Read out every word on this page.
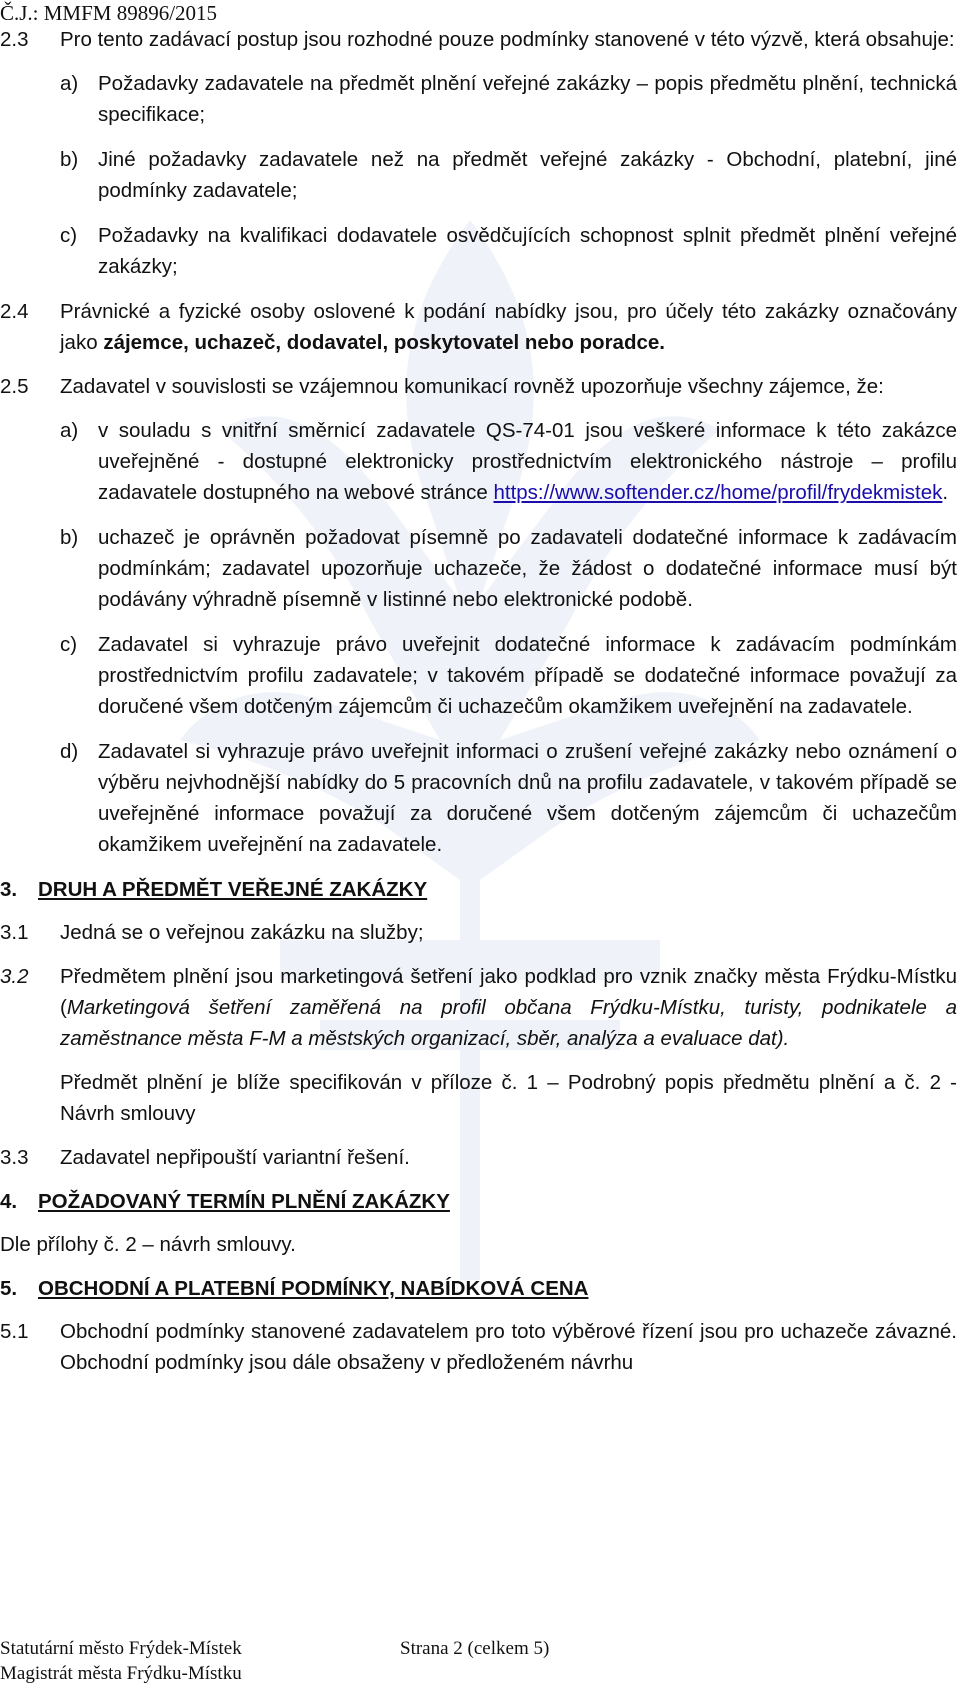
Č.J.: MMFM 89896/2015
2.3 Pro tento zadávací postup jsou rozhodné pouze podmínky stanovené v této výzvě, která obsahuje:
a) Požadavky zadavatele na předmět plnění veřejné zakázky – popis předmětu plnění, technická specifikace;
b) Jiné požadavky zadavatele než na předmět veřejné zakázky - Obchodní, platební, jiné podmínky zadavatele;
c) Požadavky na kvalifikaci dodavatele osvědčujících schopnost splnit předmět plnění veřejné zakázky;
2.4 Právnické a fyzické osoby oslovené k podání nabídky jsou, pro účely této zakázky označovány jako zájemce, uchazeč, dodavatel, poskytovatel nebo poradce.
2.5 Zadavatel v souvislosti se vzájemnou komunikací rovněž upozorňuje všechny zájemce, že:
a) v souladu s vnitřní směrnicí zadavatele QS-74-01 jsou veškeré informace k této zakázce uveřejněné - dostupné elektronicky prostřednictvím elektronického nástroje – profilu zadavatele dostupného na webové stránce https://www.softender.cz/home/profil/frydekmistek.
b) uchazeč je oprávněn požadovat písemně po zadavateli dodatečné informace k zadávacím podmínkám; zadavatel upozorňuje uchazeče, že žádost o dodatečné informace musí být podávány výhradně písemně v listinné nebo elektronické podobě.
c) Zadavatel si vyhrazuje právo uveřejnit dodatečné informace k zadávacím podmínkám prostřednictvím profilu zadavatele; v takovém případě se dodatečné informace považují za doručené všem dotčeným zájemcům či uchazečům okamžikem uveřejnění na zadavatele.
d) Zadavatel si vyhrazuje právo uveřejnit informaci o zrušení veřejné zakázky nebo oznámení o výběru nejvhodnější nabídky do 5 pracovních dnů na profilu zadavatele, v takovém případě se uveřejněné informace považují za doručené všem dotčeným zájemcům či uchazečům okamžikem uveřejnění na zadavatele.
3. DRUH A PŘEDMĚT VEŘEJNÉ ZAKÁZKY
3.1 Jedná se o veřejnou zakázku na služby;
3.2 Předmětem plnění jsou marketingová šetření jako podklad pro vznik značky města Frýdku-Místku (Marketingová šetření zaměřená na profil občana Frýdku-Místku, turisty, podnikatele a zaměstnance města F-M a městských organizací, sběr, analýza a evaluace dat).
Předmět plnění je blíže specifikován v příloze č. 1 – Podrobný popis předmětu plnění a č. 2 - Návrh smlouvy
3.3 Zadavatel nepřipouští variantní řešení.
4. POŽADOVANÝ TERMÍN PLNĚNÍ ZAKÁZKY
Dle přílohy č. 2 – návrh smlouvy.
5. OBCHODNÍ A PLATEBNÍ PODMÍNKY, NABÍDKOVÁ CENA
5.1 Obchodní podmínky stanovené zadavatelem pro toto výběrové řízení jsou pro uchazeče závazné. Obchodní podmínky jsou dále obsaženy v předloženém návrhu
Statutární město Frýdek-Místek
Magistrát města Frýdku-Místku
Strana 2 (celkem 5)
